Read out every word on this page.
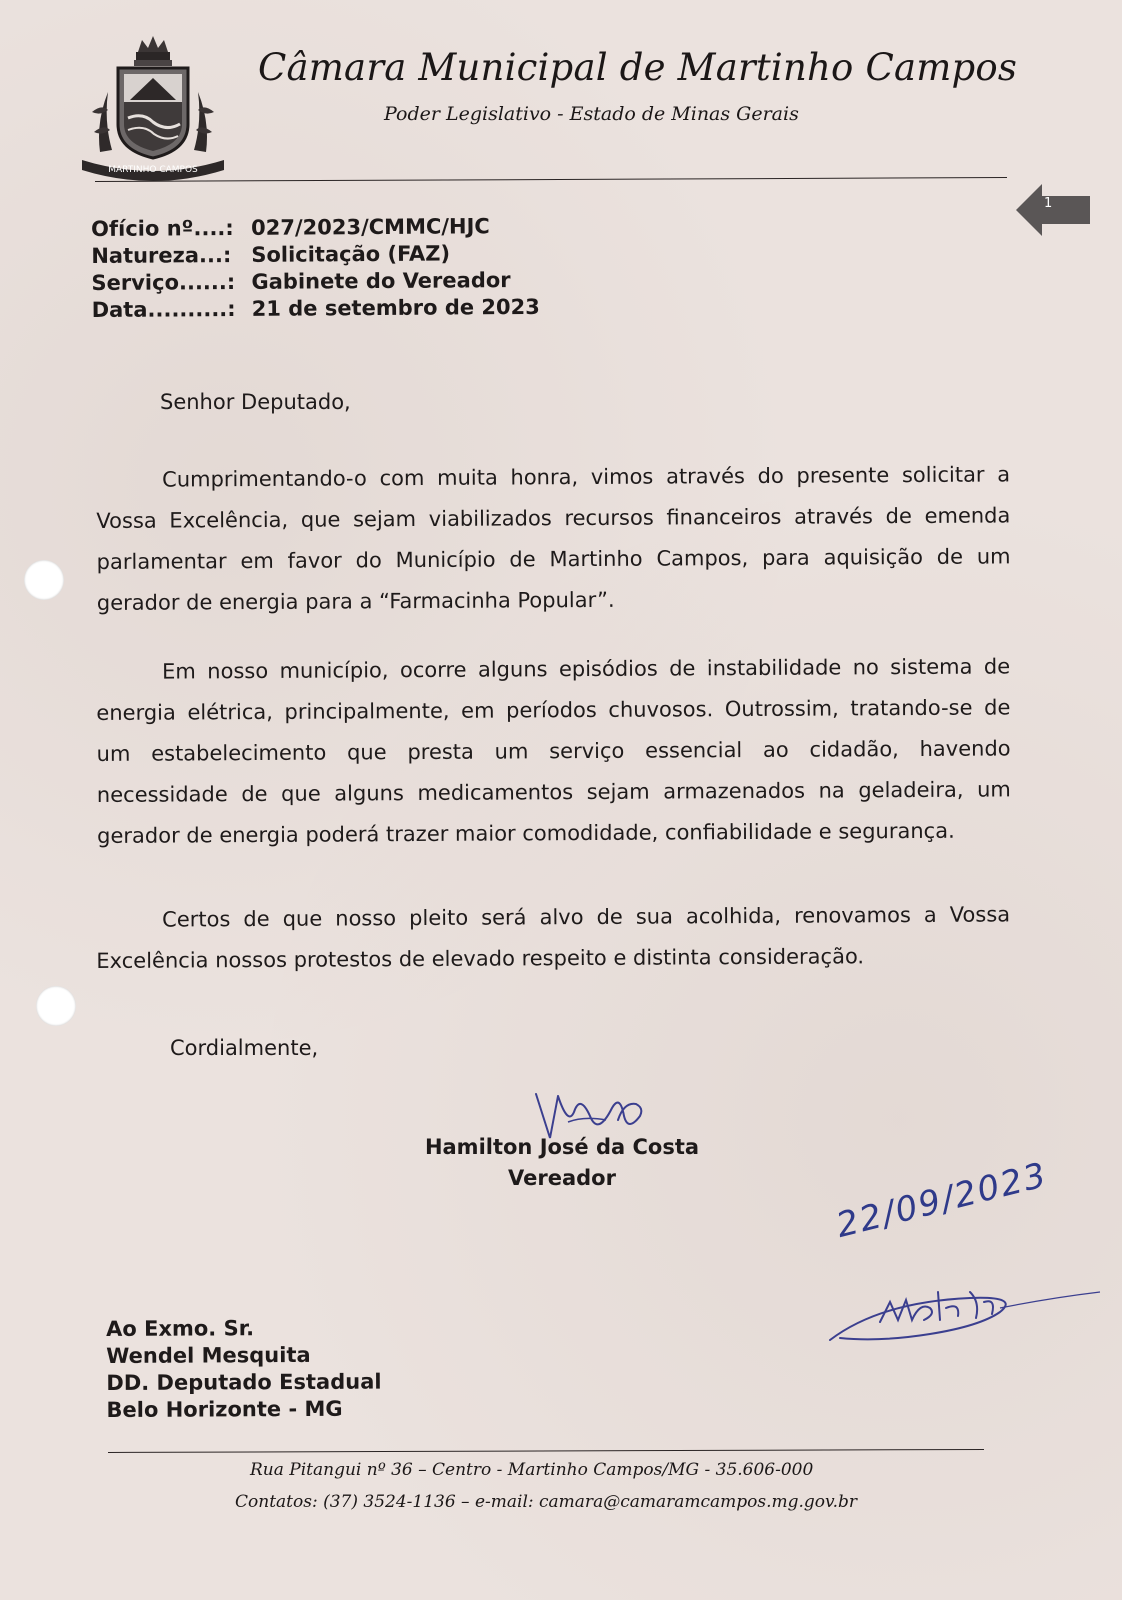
MARTINHO CAMPOS
Câmara Municipal de Martinho Campos
Poder Legislativo - Estado de Minas Gerais
1
Ofício nº....: 027/2023/CMMC/HJC
Natureza...: Solicitação (FAZ)
Serviço......: Gabinete do Vereador
Data..........: 21 de setembro de 2023
Senhor Deputado,
Cumprimentando-o com muita honra, vimos através do presente solicitar a Vossa Excelência, que sejam viabilizados recursos financeiros através de emenda parlamentar em favor do Município de Martinho Campos, para aquisição de um gerador de energia para a “Farmacinha Popular”.
Em nosso município, ocorre alguns episódios de instabilidade no sistema de energia elétrica, principalmente, em períodos chuvosos. Outrossim, tratando-se de um estabelecimento que presta um serviço essencial ao cidadão, havendo necessidade de que alguns medicamentos sejam armazenados na geladeira, um gerador de energia poderá trazer maior comodidade, confiabilidade e segurança.
Certos de que nosso pleito será alvo de sua acolhida, renovamos a Vossa Excelência nossos protestos de elevado respeito e distinta consideração.
Cordialmente,
Hamilton José da Costa
Vereador	22/09/2023
Ao Exmo. Sr.
Wendel Mesquita
DD. Deputado Estadual
Belo Horizonte - MG
Rua Pitangui nº 36 – Centro - Martinho Campos/MG - 35.606-000
Contatos: (37) 3524-1136 – e-mail: camara@camaramcampos.mg.gov.br
